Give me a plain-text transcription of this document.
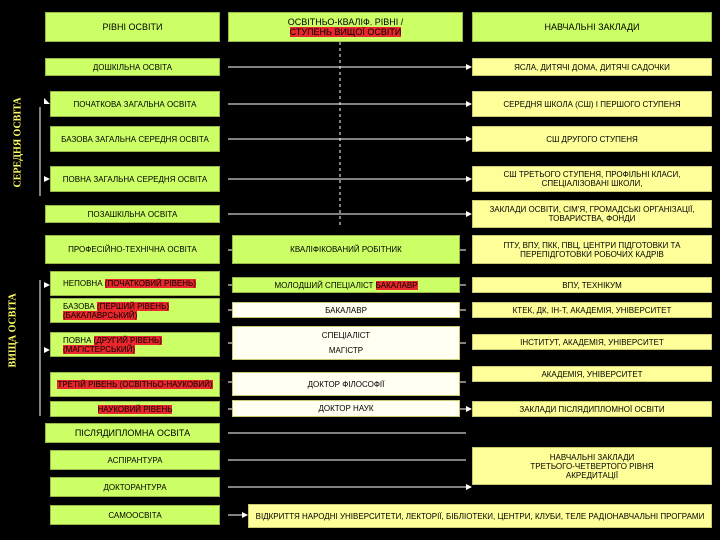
РІВНІ ОСВІТИ	ОСВІТНЬО-КВАЛІФ. РІВНІ /
СТУПЕНЬ ВИЩОЇ ОСВІТИ	НАВЧАЛЬНІ ЗАКЛАДИ
СЕРЕДНЯ ОСВІТА
ВИЩА ОСВІТА
ДОШКІЛЬНА ОСВІТА
ПОЧАТКОВА ЗАГАЛЬНА ОСВІТА
БАЗОВА ЗАГАЛЬНА СЕРЕДНЯ ОСВІТА
ПОВНА ЗАГАЛЬНА СЕРЕДНЯ ОСВІТА
ПОЗАШКІЛЬНА ОСВІТА
ПРОФЕСІЙНО-ТЕХНІЧНА ОСВІТА
НЕПОВНА (ПОЧАТКОВИЙ РІВЕНЬ)
БАЗОВА (ПЕРШИЙ РІВЕНЬ) (БАКАЛАВРСЬКИЙ)
ПОВНА (ДРУГИЙ РІВЕНЬ) (МАГІСТЕРСЬКИЙ)
ТРЕТІЙ РІВЕНЬ (ОСВІТНЬО-НАУКОВИЙ)
НАУКОВИЙ РІВЕНЬ
ПІСЛЯДИПЛОМНА ОСВІТА
АСПІРАНТУРА
ДОКТОРАНТУРА
САМООСВІТА
КВАЛІФІКОВАНИЙ РОБІТНИК
МОЛОДШИЙ СПЕЦІАЛІСТ БАКАЛАВР
БАКАЛАВР
СПЕЦІАЛІСТ
МАГІСТР
ДОКТОР ФІЛОСОФІЇ
ДОКТОР НАУК
ЯСЛА, ДИТЯЧІ ДОМА, ДИТЯЧІ САДОЧКИ
СЕРЕДНЯ ШКОЛА (СШ) І ПЕРШОГО СТУПЕНЯ
СШ ДРУГОГО СТУПЕНЯ
СШ ТРЕТЬОГО СТУПЕНЯ, ПРОФІЛЬНІ КЛАСИ, СПЕЦІАЛІЗОВАНІ ШКОЛИ,
ЗАКЛАДИ ОСВІТИ, СІМ'Я, ГРОМАДСЬКІ ОРГАНІЗАЦІЇ, ТОВАРИСТВА, ФОНДИ
ПТУ, ВПУ, ПКК, ПВЦ, ЦЕНТРИ ПІДГОТОВКИ ТА ПЕРЕПІДГОТОВКИ РОБОЧИХ КАДРІВ
ВПУ, ТЕХНІКУМ
КТЕК, ДК, ІН-Т, АКАДЕМІЯ, УНІВЕРСИТЕТ
ІНСТИТУТ, АКАДЕМІЯ, УНІВЕРСИТЕТ
АКАДЕМІЯ, УНІВЕРСИТЕТ
ЗАКЛАДИ ПІСЛЯДИПЛОМНОЇ ОСВІТИ
НАВЧАЛЬНІ ЗАКЛАДИ ТРЕТЬОГО-ЧЕТВЕРТОГО РІВНЯ АКРЕДИТАЦІЇ
ВІДКРИТТЯ НАРОДНІ УНІВЕРСИТЕТИ, ЛЕКТОРІЇ, БІБЛІОТЕКИ, ЦЕНТРИ, КЛУБИ, ТЕЛЕ РАДІОНАВЧАЛЬНІ ПРОГРАМИ
